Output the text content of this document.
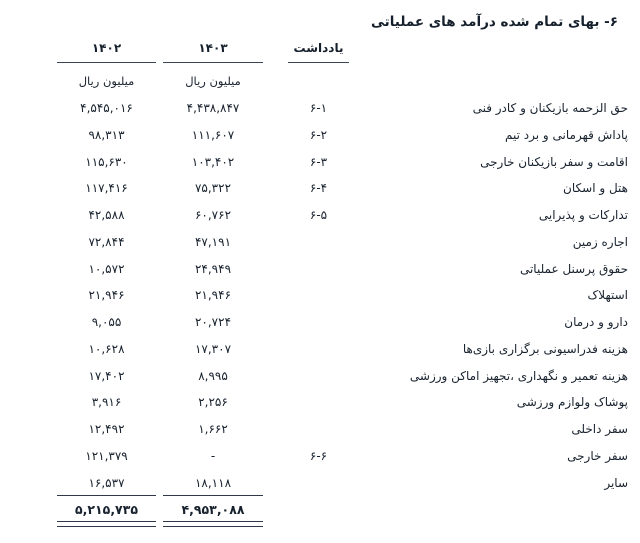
۶- بهای تمام شده درآمد های عملیاتی
۱۴۰۲	۱۴۰۳	یادداشت
میلیون ریال	میلیون ریال
۴,۵۴۵,۰۱۶	۴,۴۳۸,۸۴۷	۶-۱	حق الزحمه بازیکنان و کادر فنی
۹۸,۳۱۳	۱۱۱,۶۰۷	۶-۲	پاداش قهرمانی و برد تیم
۱۱۵,۶۳۰	۱۰۳,۴۰۲	۶-۳	اقامت و سفر بازیکنان خارجی
۱۱۷,۴۱۶	۷۵,۳۲۲	۶-۴	هتل و اسکان
۴۲,۵۸۸	۶۰,۷۶۲	۶-۵	تدارکات و پذیرایی
۷۲,۸۴۴	۴۷,۱۹۱	اجاره زمین
۱۰,۵۷۲	۲۴,۹۴۹	حقوق پرسنل عملیاتی
۲۱,۹۴۶	۲۱,۹۴۶	استهلاک
۹,۰۵۵	۲۰,۷۲۴	دارو و درمان
۱۰,۶۲۸	۱۷,۳۰۷	هزینه فدراسیونی برگزاری بازی‌ها
۱۷,۴۰۲	۸,۹۹۵	هزینه تعمیر و نگهداری ،تجهیز اماکن ورزشی
۳,۹۱۶	۲,۲۵۶	پوشاک ولوازم ورزشی
۱۲,۴۹۲	۱,۶۶۲	سفر داخلی
۱۲۱,۳۷۹	-	۶-۶	سفر خارجی
۱۶,۵۳۷	۱۸,۱۱۸	سایر
۵,۲۱۵,۷۳۵	۴,۹۵۳,۰۸۸
